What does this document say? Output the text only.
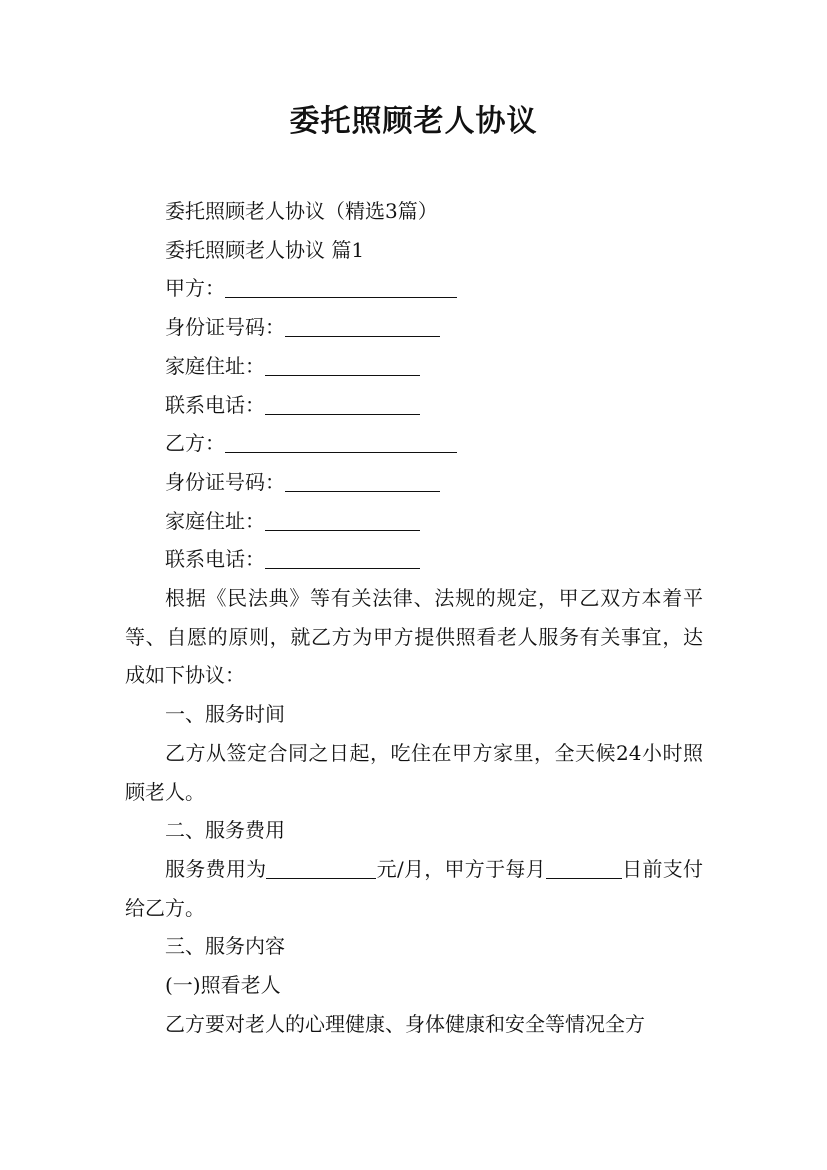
委托照顾老人协议

委托照顾老人协议（精选3篇）

委托照顾老人协议 篇1

甲方：

身份证号码：

家庭住址：

联系电话：

乙方：

身份证号码：

家庭住址：

联系电话：

根据《民法典》等有关法律、法规的规定，甲乙双方本着平等、自愿的原则，就乙方为甲方提供照看老人服务有关事宜，达成如下协议：

一、服务时间

乙方从签定合同之日起，吃住在甲方家里，全天候24小时照顾老人。

二、服务费用

服务费用为	元/月，甲方于每月	日前支付给乙方。

三、服务内容

(一)照看老人

乙方要对老人的心理健康、身体健康和安全等情况全方
